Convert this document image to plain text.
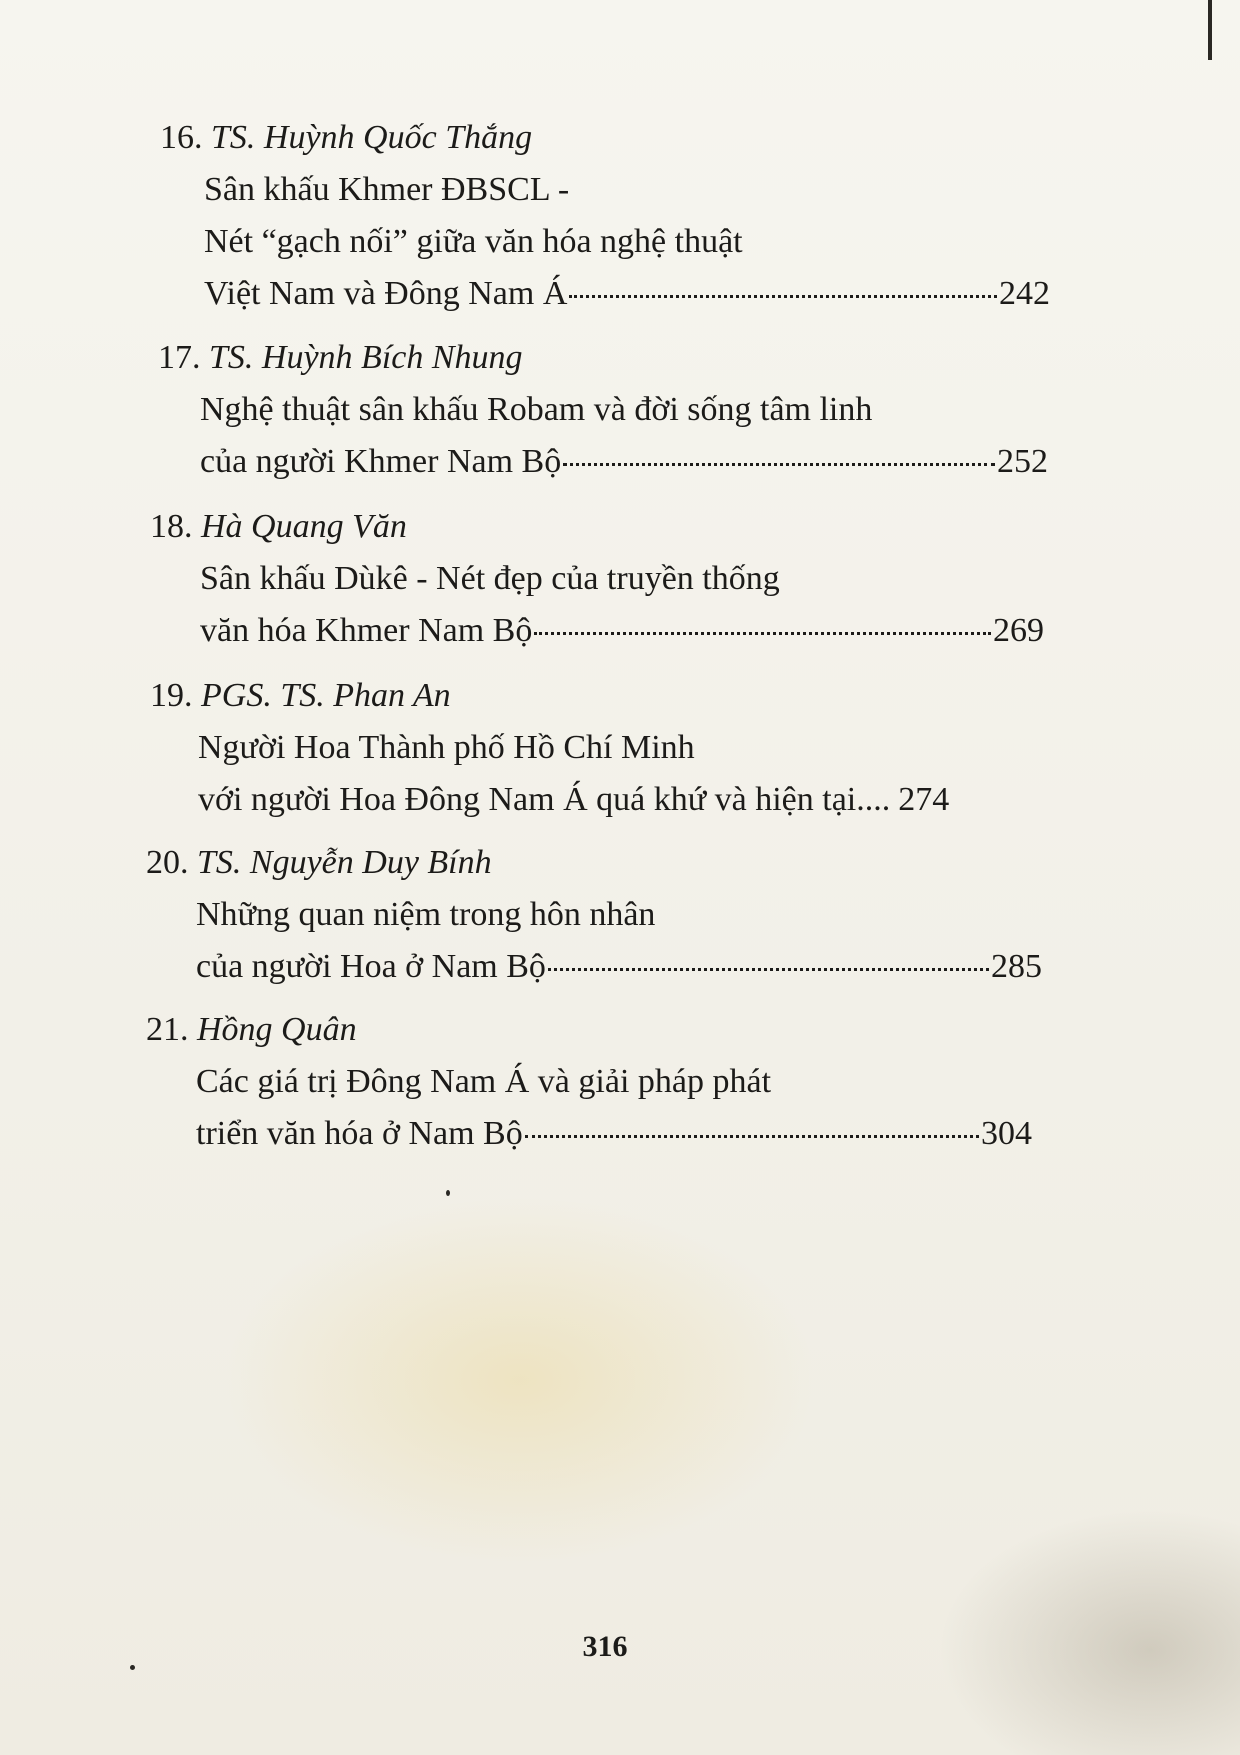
16. TS. Huỳnh Quốc Thắng
Sân khấu Khmer ĐBSCL -
Nét “gạch nối” giữa văn hóa nghệ thuật
Việt Nam và Đông Nam Á	242
17. TS. Huỳnh Bích Nhung
Nghệ thuật sân khấu Robam và đời sống tâm linh
của người Khmer Nam Bộ	252
18. Hà Quang Văn
Sân khấu Dùkê - Nét đẹp của truyền thống
văn hóa Khmer Nam Bộ	269
19. PGS. TS. Phan An
Người Hoa Thành phố Hồ Chí Minh
với người Hoa Đông Nam Á quá khứ và hiện tại.... 274
20. TS. Nguyễn Duy Bính
Những quan niệm trong hôn nhân
của người Hoa ở Nam Bộ	285
21. Hồng Quân
Các giá trị Đông Nam Á và giải pháp phát
triển văn hóa ở Nam Bộ	304
316
